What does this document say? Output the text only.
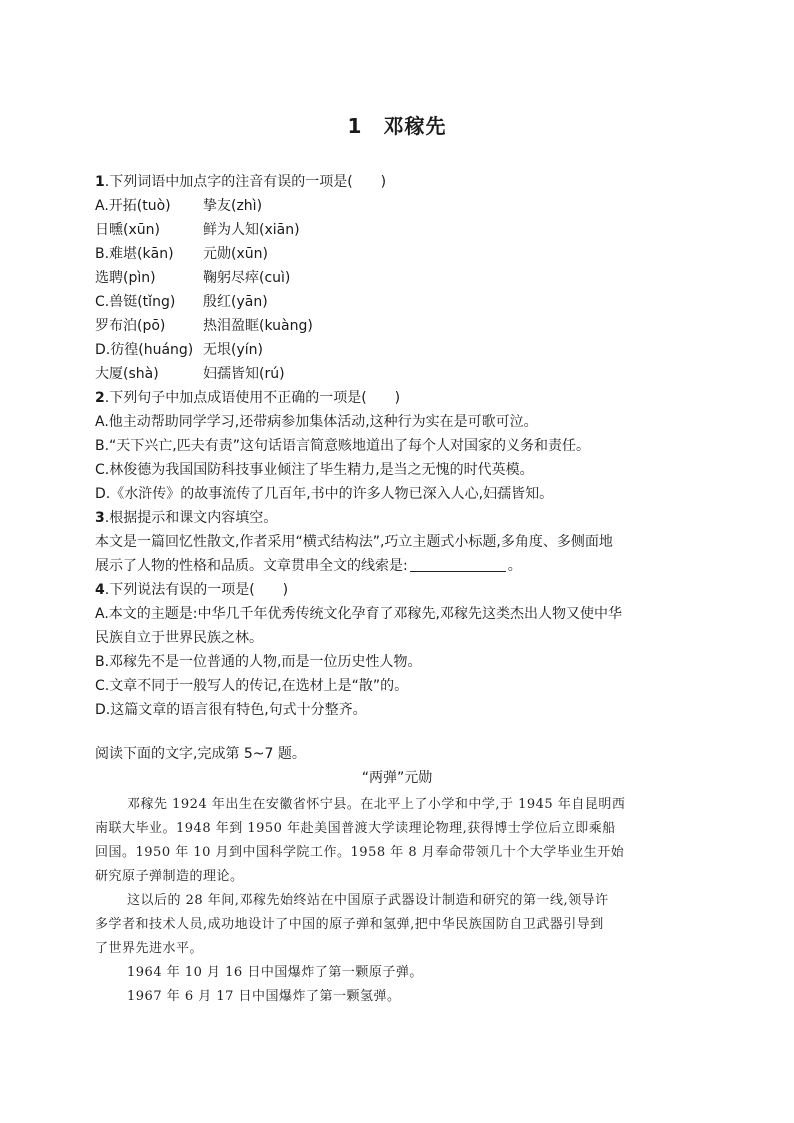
1　邓稼先
1.下列词语中加点字的注音有误的一项是(　　)
A.开拓(tuò) 挚友(zhì)
日曛(xūn)	鲜为人知(xiān)
B.难堪(kān) 元勋(xūn)
选聘(pìn)	鞠躬尽瘁(cuì)
C.兽铤(tǐng) 殷红(yān)
罗布泊(pō)	热泪盈眶(kuàng)
D.彷徨(huáng) 无垠(yín)
大厦(shà)	妇孺皆知(rú)
2.下列句子中加点成语使用不正确的一项是(　　)
A.他主动帮助同学学习,还带病参加集体活动,这种行为实在是可歌可泣。
B.“天下兴亡,匹夫有责”这句话语言简意赅地道出了每个人对国家的义务和责任。
C.林俊德为我国国防科技事业倾注了毕生精力,是当之无愧的时代英模。
D.《水浒传》的故事流传了几百年,书中的许多人物已深入人心,妇孺皆知。
3.根据提示和课文内容填空。
本文是一篇回忆性散文,作者采用“横式结构法”,巧立主题式小标题,多角度、多侧面地
展示了人物的性格和品质。文章贯串全文的线索是:	。
4.下列说法有误的一项是(　　)
A.本文的主题是:中华几千年优秀传统文化孕育了邓稼先,邓稼先这类杰出人物又使中华
民族自立于世界民族之林。
B.邓稼先不是一位普通的人物,而是一位历史性人物。
C.文章不同于一般写人的传记,在选材上是“散”的。
D.这篇文章的语言很有特色,句式十分整齐。
阅读下面的文字,完成第 5~7 题。
“两弹”元勋
邓稼先 1924 年出生在安徽省怀宁县。在北平上了小学和中学,于 1945 年自昆明西
南联大毕业。1948 年到 1950 年赴美国普渡大学读理论物理,获得博士学位后立即乘船
回国。1950 年 10 月到中国科学院工作。1958 年 8 月奉命带领几十个大学毕业生开始
研究原子弹制造的理论。
这以后的 28 年间,邓稼先始终站在中国原子武器设计制造和研究的第一线,领导许
多学者和技术人员,成功地设计了中国的原子弹和氢弹,把中华民族国防自卫武器引导到
了世界先进水平。
1964 年 10 月 16 日中国爆炸了第一颗原子弹。
1967 年 6 月 17 日中国爆炸了第一颗氢弹。
